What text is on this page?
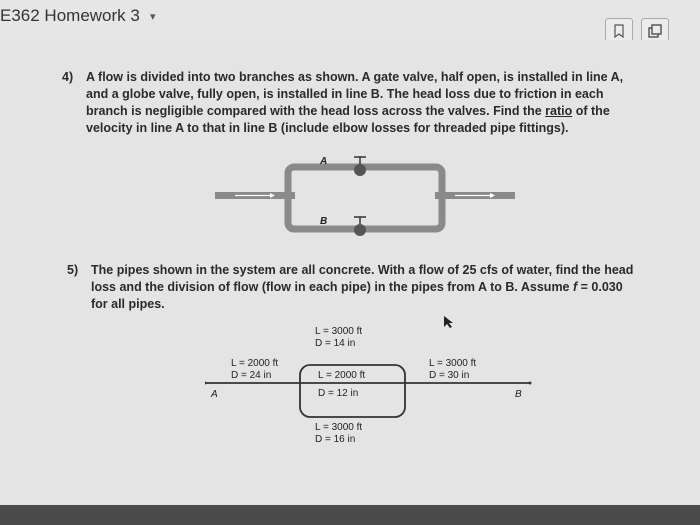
E362 Homework 3 ▾
4) A flow is divided into two branches as shown. A gate valve, half open, is installed in line A,
and a globe valve, fully open, is installed in line B. The head loss due to friction in each
branch is negligible compared with the head loss across the valves. Find the ratio of the
velocity in line A to that in line B (include elbow losses for threaded pipe fittings).
A
B
5) The pipes shown in the system are all concrete. With a flow of 25 cfs of water, find the head
loss and the division of flow (flow in each pipe) in the pipes from A to B. Assume f = 0.030
for all pipes.
L = 3000 ft
D = 14 in
L = 2000 ft
D = 24 in	L = 2000 ft
D = 12 in
L = 3000 ft
D = 30 in
L = 3000 ft
D = 16 in
A	B
